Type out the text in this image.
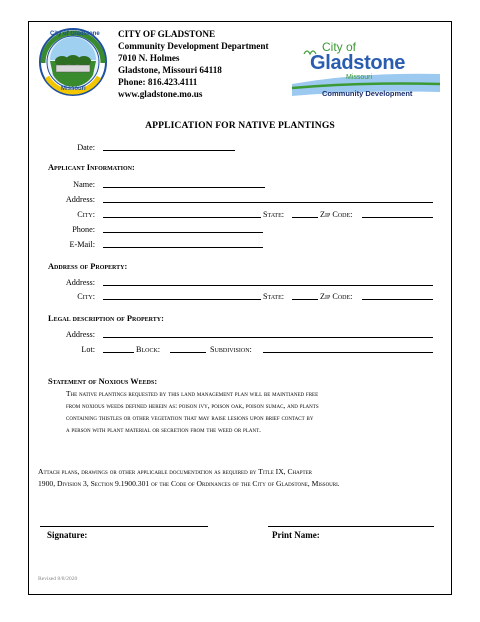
City of Gladstone
Missouri
CITY OF GLADSTONE
Community Development Department
7010 N. Holmes
Gladstone, Missouri 64118
Phone: 816.423.4111
www.gladstone.mo.us
City of
Gladstone
Missouri
Community Development
APPLICATION FOR NATIVE PLANTINGS
Date:
Applicant Information:
Name:
Address:
City:	State:	Zip Code:
Phone:
E-Mail:
Address of Property:
Address:
City:	State:	Zip Code:
Legal description of Property:
Address:
Lot:	Block:	Subdivision:
Statement of Noxious Weeds:
The native plantings requested by this land management plan will be maintianed free
from noxious weeds defined herein as: poison ivy, poison oak, poison sumac, and plants
containing thistles or other vegetation that may raise lesions upon brief contact by
a person with plant material or secretion from the weed or plant.
Attach plans, drawings or other applicable documentation as required by Title IX, Chapter
1900, Division 3, Section 9.1900.301 of the Code of Ordinances of the City of Gladstone, Missouri.
Signature:	Print Name:
Revised 8/8/2020
